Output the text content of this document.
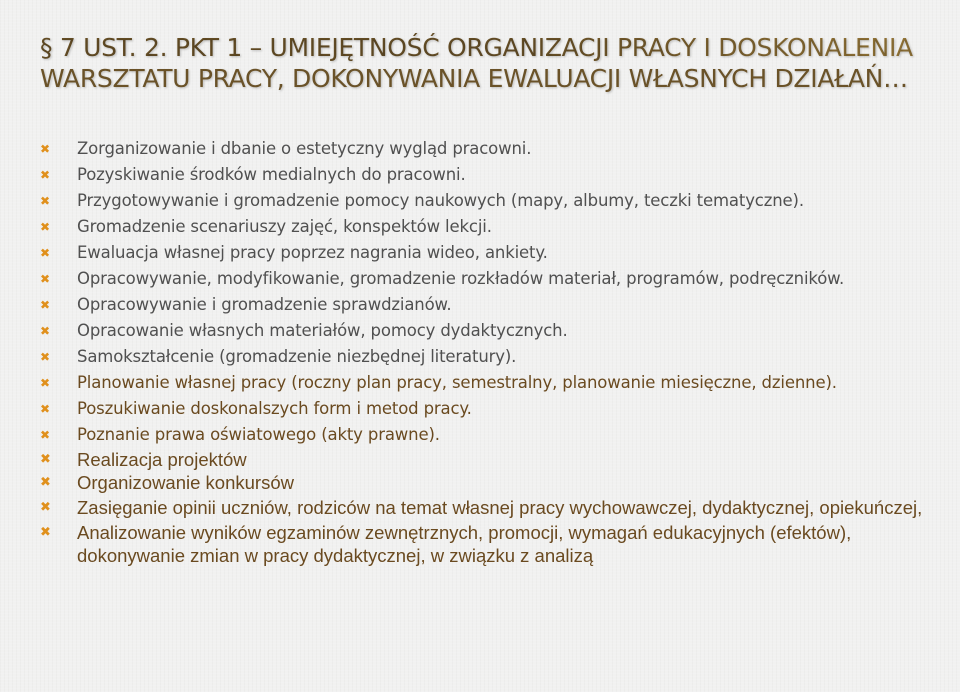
§ 7 UST. 2. PKT 1 – UMIEJĘTNOŚĆ ORGANIZACJI PRACY I DOSKONALENIA
WARSZTATU PRACY, DOKONYWANIA EWALUACJI WŁASNYCH DZIAŁAŃ…
✖	Zorganizowanie i dbanie o estetyczny wygląd pracowni.
✖	Pozyskiwanie środków medialnych do pracowni.
✖	Przygotowywanie i gromadzenie pomocy naukowych (mapy, albumy, teczki tematyczne).
✖	Gromadzenie scenariuszy zajęć, konspektów lekcji.
✖	Ewaluacja własnej pracy poprzez nagrania wideo, ankiety.
✖	Opracowywanie, modyfikowanie, gromadzenie rozkładów materiał, programów, podręczników.
✖	Opracowywanie i gromadzenie sprawdzianów.
✖	Opracowanie własnych materiałów, pomocy dydaktycznych.
✖	Samokształcenie (gromadzenie niezbędnej literatury).
✖	Planowanie własnej pracy (roczny plan pracy, semestralny, planowanie miesięczne, dzienne).
✖	Poszukiwanie doskonalszych form i metod pracy.
✖	Poznanie prawa oświatowego (akty prawne).
✖ Realizacja projektów
✖ Organizowanie konkursów
✖ Zasięganie opinii uczniów, rodziców na temat własnej pracy wychowawczej, dydaktycznej, opiekuńczej,
✖ Analizowanie wyników egzaminów zewnętrznych, promocji, wymagań edukacyjnych (efektów), dokonywanie zmian w pracy dydaktycznej, w związku z analizą
